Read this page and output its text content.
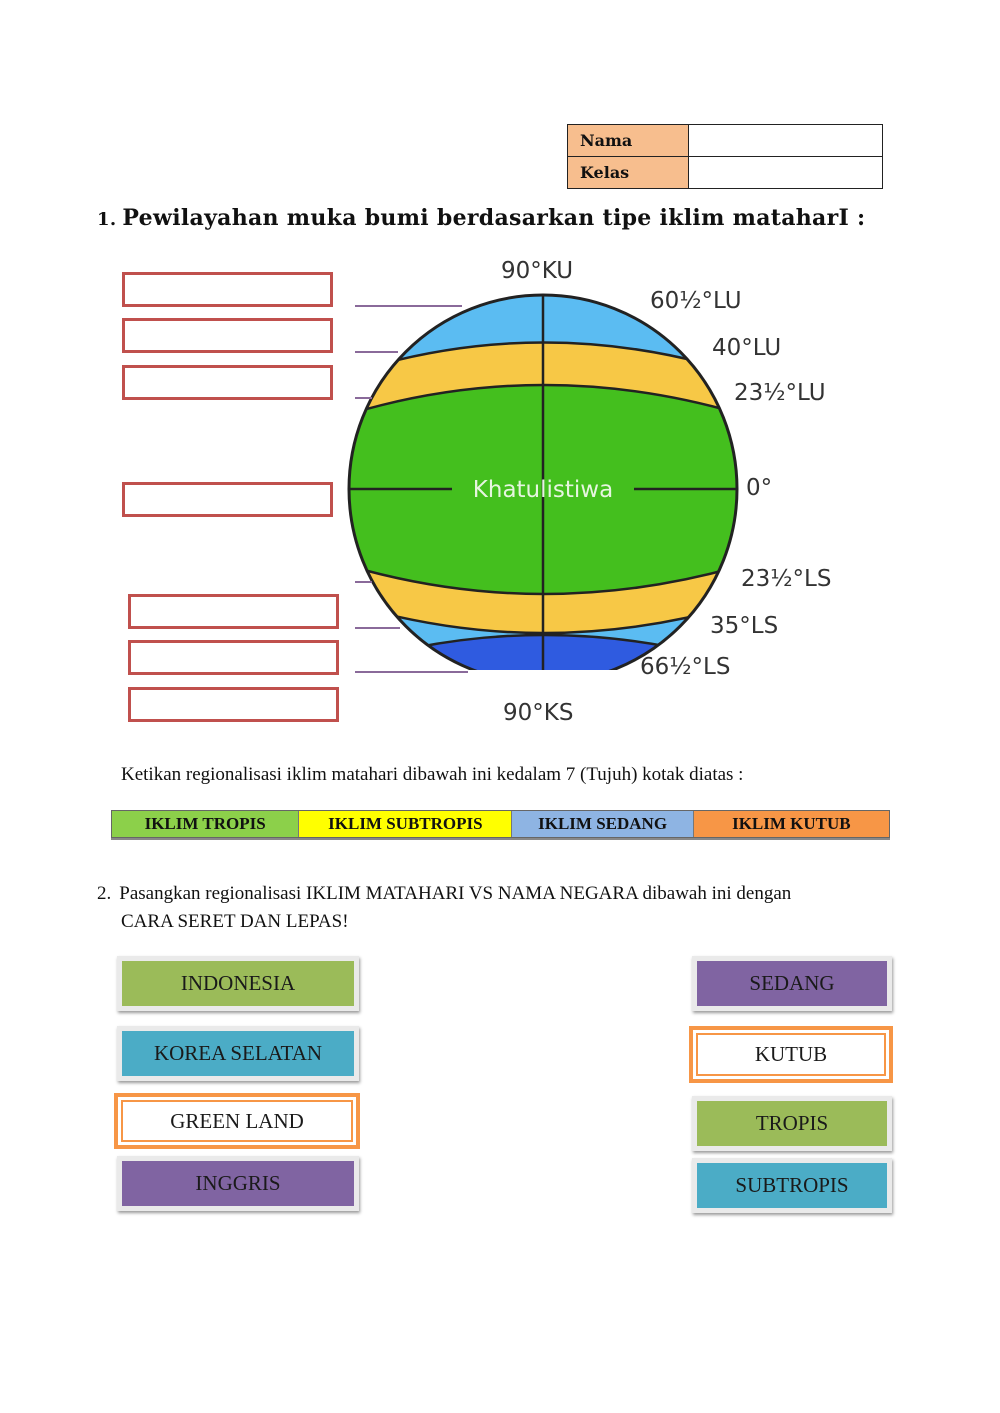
Nama	
Kelas	
1. Pewilayahan muka bumi berdasarkan tipe iklim mataharI :
Khatulistiwa
90°KU
60½°LU
40°LU
23½°LU
0°
23½°LS
35°LS
66½°LS
90°KS
Ketikan regionalisasi iklim matahari dibawah ini kedalam 7 (Tujuh) kotak diatas :
IKLIM TROPIS	IKLIM SUBTROPIS	IKLIM SEDANG	IKLIM KUTUB
2. Pasangkan regionalisasi IKLIM MATAHARI VS NAMA NEGARA dibawah ini dengan
CARA SERET DAN LEPAS!
INDONESIA
KOREA SELATAN
GREEN LAND
INGGRIS
SEDANG
KUTUB
TROPIS
SUBTROPIS
